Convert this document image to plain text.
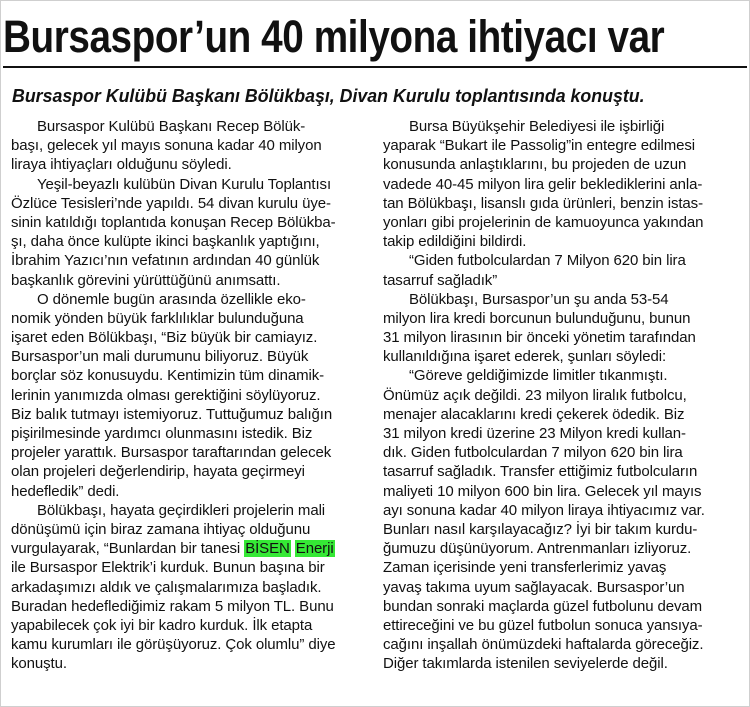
Bursaspor’un 40 milyona ihtiyacı var
Bursaspor Kulübü Başkanı Bölükbaşı, Divan Kurulu toplantısında konuştu.
Bursaspor Kulübü Başkanı Recep Bölük-
başı, gelecek yıl mayıs sonuna kadar 40 milyon
liraya ihtiyaçları olduğunu söyledi.
Yeşil-beyazlı kulübün Divan Kurulu Toplantısı
Özlüce Tesisleri’nde yapıldı. 54 divan kurulu üye-
sinin katıldığı toplantıda konuşan Recep Bölükba-
şı, daha önce kulüpte ikinci başkanlık yaptığını,
İbrahim Yazıcı’nın vefatının ardından 40 günlük
başkanlık görevini yürüttüğünü anımsattı.
O dönemle bugün arasında özellikle eko-
nomik yönden büyük farklılıklar bulunduğuna
işaret eden Bölükbaşı, “Biz büyük bir camiayız.
Bursaspor’un mali durumunu biliyoruz. Büyük
borçlar söz konusuydu. Kentimizin tüm dinamik-
lerinin yanımızda olması gerektiğini söylüyoruz.
Biz balık tutmayı istemiyoruz. Tuttuğumuz balığın
pişirilmesinde yardımcı olunmasını istedik. Biz
projeler yarattık. Bursaspor taraftarından gelecek
olan projeleri değerlendirip, hayata geçirmeyi
hedefledik” dedi.
Bölükbaşı, hayata geçirdikleri projelerin mali
dönüşümü için biraz zamana ihtiyaç olduğunu
vurgulayarak, “Bunlardan bir tanesi BİSEN Enerji
ile Bursaspor Elektrik’i kurduk. Bunun başına bir
arkadaşımızı aldık ve çalışmalarımıza başladık.
Buradan hedeflediğimiz rakam 5 milyon TL. Bunu
yapabilecek çok iyi bir kadro kurduk. İlk etapta
kamu kurumları ile görüşüyoruz. Çok olumlu” diye
konuştu.
Bursa Büyükşehir Belediyesi ile işbirliği
yaparak “Bukart ile Passolig”in entegre edilmesi
konusunda anlaştıklarını, bu projeden de uzun
vadede 40-45 milyon lira gelir beklediklerini anla-
tan Bölükbaşı, lisanslı gıda ürünleri, benzin istas-
yonları gibi projelerinin de kamuoyunca yakından
takip edildiğini bildirdi.
“Giden futbolculardan 7 Milyon 620 bin lira
tasarruf sağladık”
Bölükbaşı, Bursaspor’un şu anda 53-54
milyon lira kredi borcunun bulunduğunu, bunun
31 milyon lirasının bir önceki yönetim tarafından
kullanıldığına işaret ederek, şunları söyledi:
“Göreve geldiğimizde limitler tıkanmıştı.
Önümüz açık değildi. 23 milyon liralık futbolcu,
menajer alacaklarını kredi çekerek ödedik. Biz
31 milyon kredi üzerine 23 Milyon kredi kullan-
dık. Giden futbolculardan 7 milyon 620 bin lira
tasarruf sağladık. Transfer ettiğimiz futbolcuların
maliyeti 10 milyon 600 bin lira. Gelecek yıl mayıs
ayı sonuna kadar 40 milyon liraya ihtiyacımız var.
Bunları nasıl karşılayacağız? İyi bir takım kurdu-
ğumuzu düşünüyorum. Antrenmanları izliyoruz.
Zaman içerisinde yeni transferlerimiz yavaş
yavaş takıma uyum sağlayacak. Bursaspor’un
bundan sonraki maçlarda güzel futbolunu devam
ettireceğini ve bu güzel futbolun sonuca yansıya-
cağını inşallah önümüzdeki haftalarda göreceğiz.
Diğer takımlarda istenilen seviyelerde değil.
